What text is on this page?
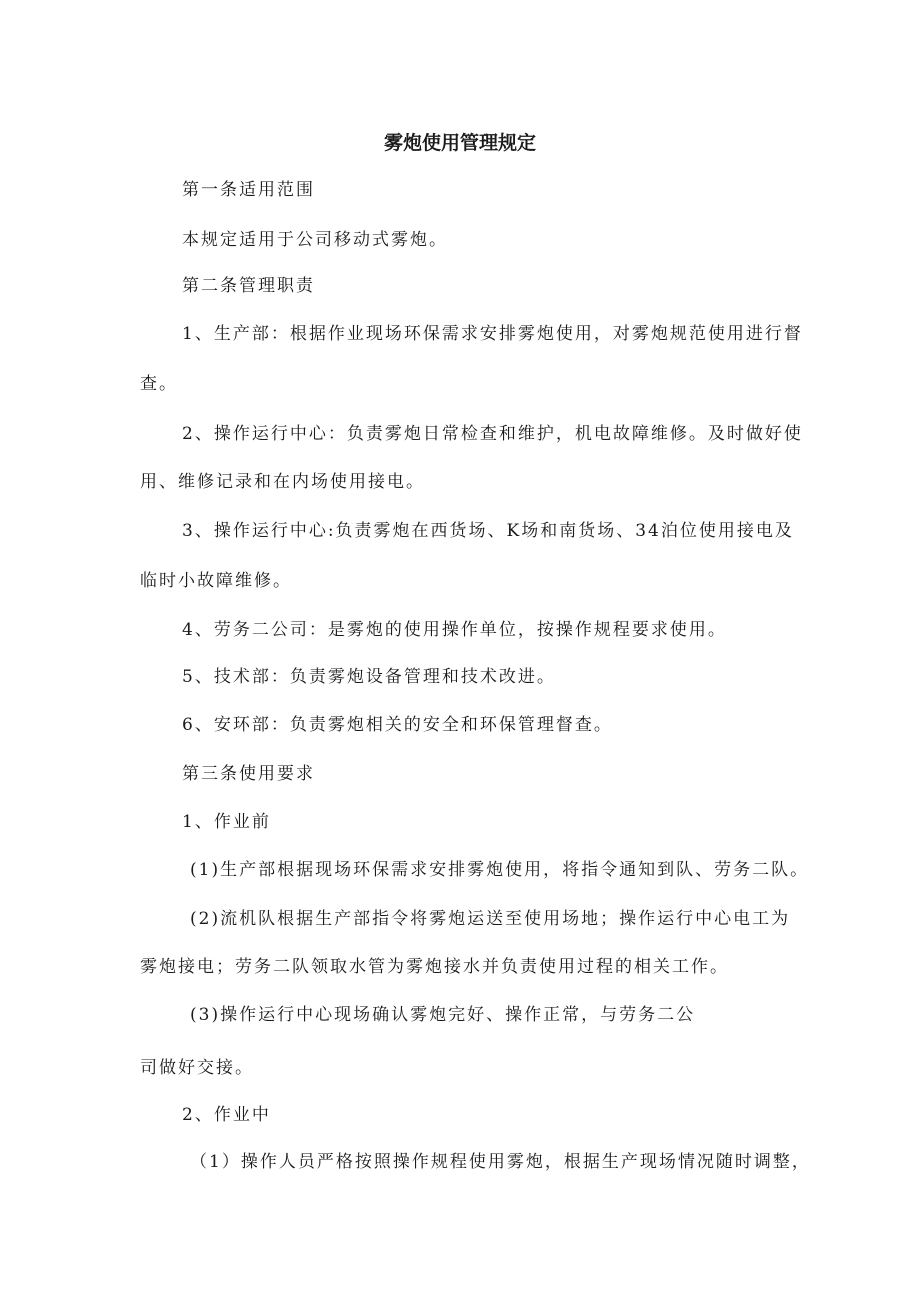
雾炮使用管理规定
第一条适用范围
本规定适用于公司移动式雾炮。
第二条管理职责
1、生产部：根据作业现场环保需求安排雾炮使用，对雾炮规范使用进行督
查。
2、操作运行中心：负责雾炮日常检查和维护，机电故障维修。及时做好使
用、维修记录和在内场使用接电。
3、操作运行中心:负责雾炮在西货场、K场和南货场、34泊位使用接电及
临时小故障维修。
4、劳务二公司：是雾炮的使用操作单位，按操作规程要求使用。
5、技术部：负责雾炮设备管理和技术改进。
6、安环部：负责雾炮相关的安全和环保管理督查。
第三条使用要求
1、作业前
(1)生产部根据现场环保需求安排雾炮使用，将指令通知到队、劳务二队。
(2)流机队根据生产部指令将雾炮运送至使用场地；操作运行中心电工为
雾炮接电；劳务二队领取水管为雾炮接水并负责使用过程的相关工作。
(3)操作运行中心现场确认雾炮完好、操作正常，与劳务二公
司做好交接。
2、作业中
（1）操作人员严格按照操作规程使用雾炮，根据生产现场情况随时调整，
